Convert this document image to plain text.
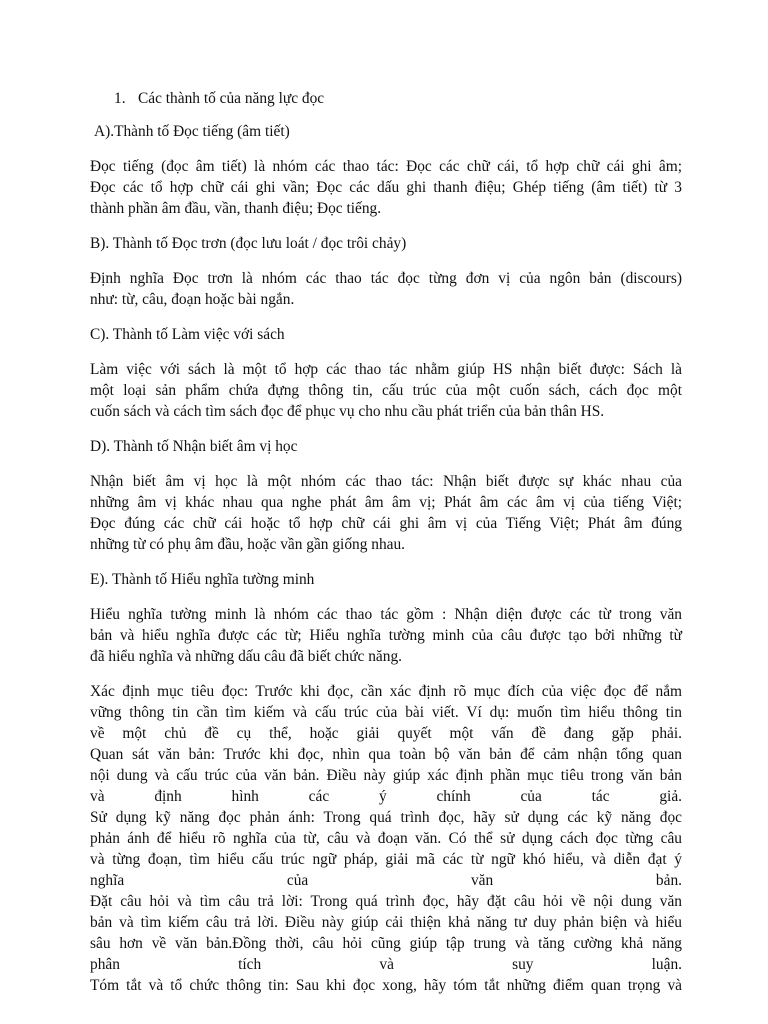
1. Các thành tố của năng lực đọc
A).Thành tố Đọc tiếng (âm tiết)
Đọc tiếng (đọc âm tiết) là nhóm các thao tác: Đọc các chữ cái, tổ hợp chữ cái ghi âm;
Đọc các tổ hợp chữ cái ghi vần; Đọc các dấu ghi thanh điệu; Ghép tiếng (âm tiết) từ 3
thành phần âm đầu, vần, thanh điệu; Đọc tiếng.
B). Thành tố Đọc trơn (đọc lưu loát / đọc trôi chảy)
Định nghĩa Đọc trơn là nhóm các thao tác đọc từng đơn vị của ngôn bản (discours)
như: từ, câu, đoạn hoặc bài ngắn.
C). Thành tố Làm việc với sách
Làm việc với sách là một tổ hợp các thao tác nhằm giúp HS nhận biết được: Sách là
một loại sản phẩm chứa đựng thông tin, cấu trúc của một cuốn sách, cách đọc một
cuốn sách và cách tìm sách đọc để phục vụ cho nhu cầu phát triển của bản thân HS.
D). Thành tố Nhận biết âm vị học
Nhận biết âm vị học là một nhóm các thao tác: Nhận biết được sự khác nhau của
những âm vị khác nhau qua nghe phát âm âm vị; Phát âm các âm vị của tiếng Việt;
Đọc đúng các chữ cái hoặc tổ hợp chữ cái ghi âm vị của Tiếng Việt; Phát âm đúng
những từ có phụ âm đầu, hoặc vần gần giống nhau.
E). Thành tố Hiểu nghĩa tường minh
Hiểu nghĩa tường minh là nhóm các thao tác gồm : Nhận diện được các từ trong văn
bản và hiểu nghĩa được các từ; Hiểu nghĩa tường minh của câu được tạo bởi những từ
đã hiểu nghĩa và những dấu câu đã biết chức năng.
Xác định mục tiêu đọc: Trước khi đọc, cần xác định rõ mục đích của việc đọc để nắm
vững thông tin cần tìm kiếm và cấu trúc của bài viết. Ví dụ: muốn tìm hiểu thông tin
về một chủ đề cụ thể, hoặc giải quyết một vấn đề đang gặp phải.
Quan sát văn bản: Trước khi đọc, nhìn qua toàn bộ văn bản để cảm nhận tổng quan
nội dung và cấu trúc của văn bản. Điều này giúp xác định phần mục tiêu trong văn bản
và định hình các ý chính của tác giả.
Sử dụng kỹ năng đọc phản ánh: Trong quá trình đọc, hãy sử dụng các kỹ năng đọc
phản ánh để hiểu rõ nghĩa của từ, câu và đoạn văn. Có thể sử dụng cách đọc từng câu
và từng đoạn, tìm hiểu cấu trúc ngữ pháp, giải mã các từ ngữ khó hiểu, và diễn đạt ý
nghĩa của văn bản.
Đặt câu hỏi và tìm câu trả lời: Trong quá trình đọc, hãy đặt câu hỏi về nội dung văn
bản và tìm kiếm câu trả lời. Điều này giúp cải thiện khả năng tư duy phản biện và hiểu
sâu hơn về văn bản.Đồng thời, câu hỏi cũng giúp tập trung và tăng cường khả năng
phân tích và suy luận.
Tóm tắt và tổ chức thông tin: Sau khi đọc xong, hãy tóm tắt những điểm quan trọng và
